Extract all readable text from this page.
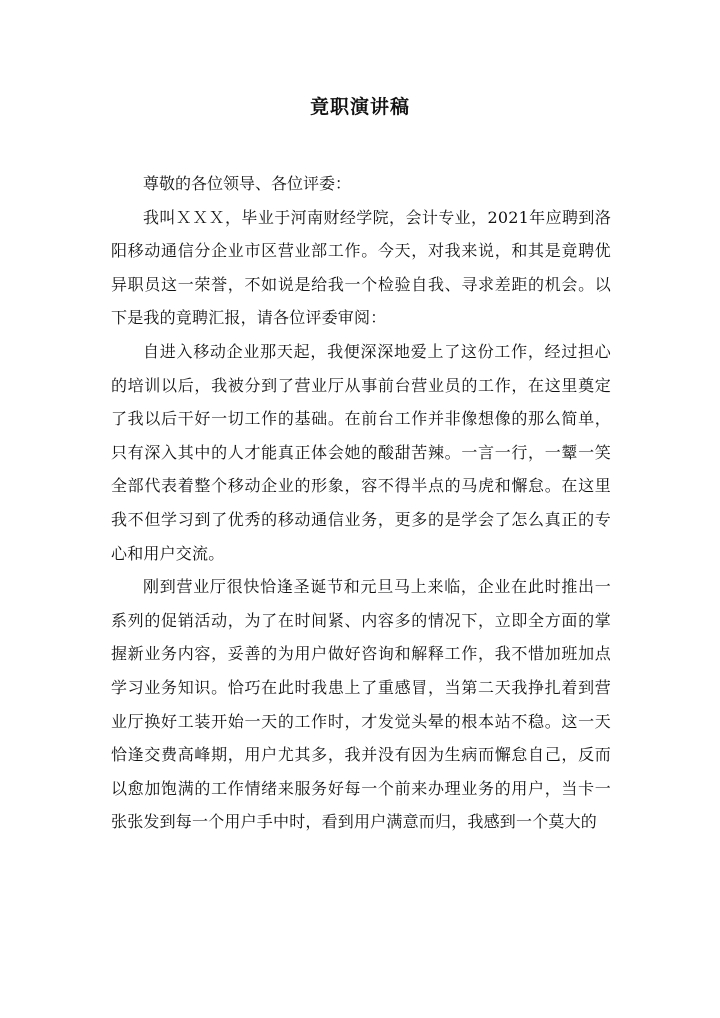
竟职演讲稿

尊敬的各位领导、各位评委：

我叫ＸＸＸ，毕业于河南财经学院，会计专业，2021年应聘到洛阳移动通信分企业市区营业部工作。今天，对我来说，和其是竟聘优异职员这一荣誉，不如说是给我一个检验自我、寻求差距的机会。以下是我的竟聘汇报，请各位评委审阅：

自进入移动企业那天起，我便深深地爱上了这份工作，经过担心的培训以后，我被分到了营业厅从事前台营业员的工作，在这里奠定了我以后干好一切工作的基础。在前台工作并非像想像的那么简单，只有深入其中的人才能真正体会她的酸甜苦辣。一言一行，一颦一笑全部代表着整个移动企业的形象，容不得半点的马虎和懈怠。在这里我不但学习到了优秀的移动通信业务，更多的是学会了怎么真正的专心和用户交流。

刚到营业厅很快恰逢圣诞节和元旦马上来临，企业在此时推出一系列的促销活动，为了在时间紧、内容多的情况下，立即全方面的掌握新业务内容，妥善的为用户做好咨询和解释工作，我不惜加班加点学习业务知识。恰巧在此时我患上了重感冒，当第二天我挣扎着到营业厅换好工装开始一天的工作时，才发觉头晕的根本站不稳。这一天恰逢交费高峰期，用户尤其多，我并没有因为生病而懈怠自己，反而以愈加饱满的工作情绪来服务好每一个前来办理业务的用户，当卡一张张发到每一个用户手中时，看到用户满意而归，我感到一个莫大的
